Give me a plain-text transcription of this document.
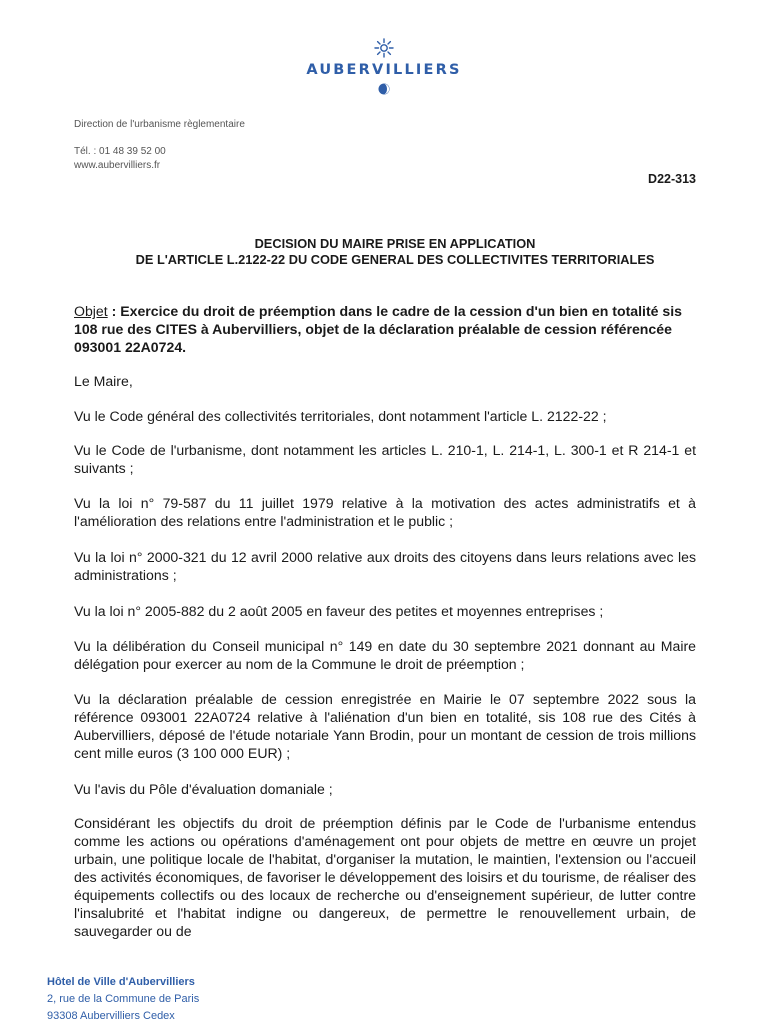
AUBERVILLIERS
Direction de l'urbanisme règlementaire
Tél. : 01 48 39 52 00
www.aubervilliers.fr
D22-313
DECISION DU MAIRE PRISE EN APPLICATION
DE L'ARTICLE L.2122-22 DU CODE GENERAL DES COLLECTIVITES TERRITORIALES
Objet : Exercice du droit de préemption dans le cadre de la cession d'un bien en totalité sis 108 rue des CITES à Aubervilliers, objet de la déclaration préalable de cession référencée 093001 22A0724.

Le Maire,

Vu le Code général des collectivités territoriales, dont notamment l'article L. 2122-22 ;

Vu le Code de l'urbanisme, dont notamment les articles L. 210-1, L. 214-1, L. 300-1 et R 214-1 et suivants ;

Vu la loi n° 79-587 du 11 juillet 1979 relative à la motivation des actes administratifs et à l'amélioration des relations entre l'administration et le public ;

Vu la loi n° 2000-321 du 12 avril 2000 relative aux droits des citoyens dans leurs relations avec les administrations ;

Vu la loi n° 2005-882 du 2 août 2005 en faveur des petites et moyennes entreprises ;

Vu la délibération du Conseil municipal n° 149 en date du 30 septembre 2021 donnant au Maire délégation pour exercer au nom de la Commune le droit de préemption ;

Vu la déclaration préalable de cession enregistrée en Mairie le 07 septembre 2022 sous la référence 093001 22A0724 relative à l'aliénation d'un bien en totalité, sis 108 rue des Cités à Aubervilliers, déposé de l'étude notariale Yann Brodin, pour un montant de cession de trois millions cent mille euros (3 100 000 EUR) ;

Vu l'avis du Pôle d'évaluation domaniale ;

Considérant les objectifs du droit de préemption définis par le Code de l'urbanisme entendus comme les actions ou opérations d'aménagement ont pour objets de mettre en œuvre un projet urbain, une politique locale de l'habitat, d'organiser la mutation, le maintien, l'extension ou l'accueil des activités économiques, de favoriser le développement des loisirs et du tourisme, de réaliser des équipements collectifs ou des locaux de recherche ou d'enseignement supérieur, de lutter contre l'insalubrité et l'habitat indigne ou dangereux, de permettre le renouvellement urbain, de sauvegarder ou de

Hôtel de Ville d'Aubervilliers
2, rue de la Commune de Paris
93308 Aubervilliers Cedex
